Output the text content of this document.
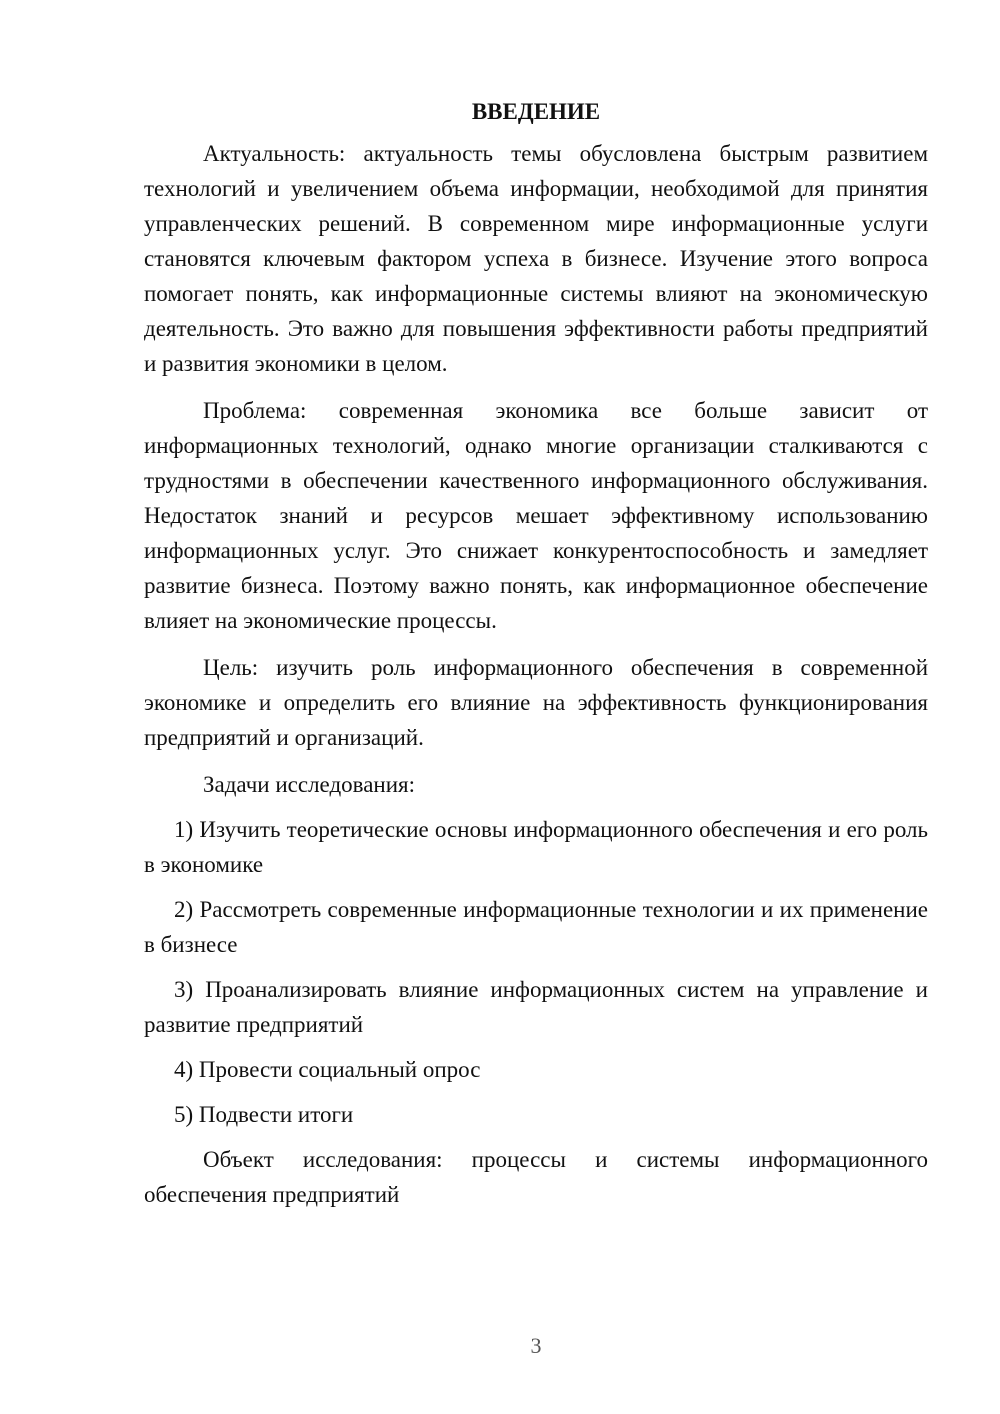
ВВЕДЕНИЕ

Актуальность: актуальность темы обусловлена быстрым развитием технологий и увеличением объема информации, необходимой для принятия управленческих решений. В современном мире информационные услуги становятся ключевым фактором успеха в бизнесе. Изучение этого вопроса помогает понять, как информационные системы влияют на экономическую деятельность. Это важно для повышения эффективности работы предприятий и развития экономики в целом.

Проблема: современная экономика все больше зависит от информационных технологий, однако многие организации сталкиваются с трудностями в обеспечении качественного информационного обслуживания. Недостаток знаний и ресурсов мешает эффективному использованию информационных услуг. Это снижает конкурентоспособность и замедляет развитие бизнеса. Поэтому важно понять, как информационное обеспечение влияет на экономические процессы.

Цель: изучить роль информационного обеспечения в современной экономике и определить его влияние на эффективность функционирования предприятий и организаций.

Задачи исследования:

1) Изучить теоретические основы информационного обеспечения и его роль в экономике

2) Рассмотреть современные информационные технологии и их применение в бизнесе

3) Проанализировать влияние информационных систем на управление и развитие предприятий

4) Провести социальный опрос

5) Подвести итоги

Объект исследования: процессы и системы информационного обеспечения предприятий

3
